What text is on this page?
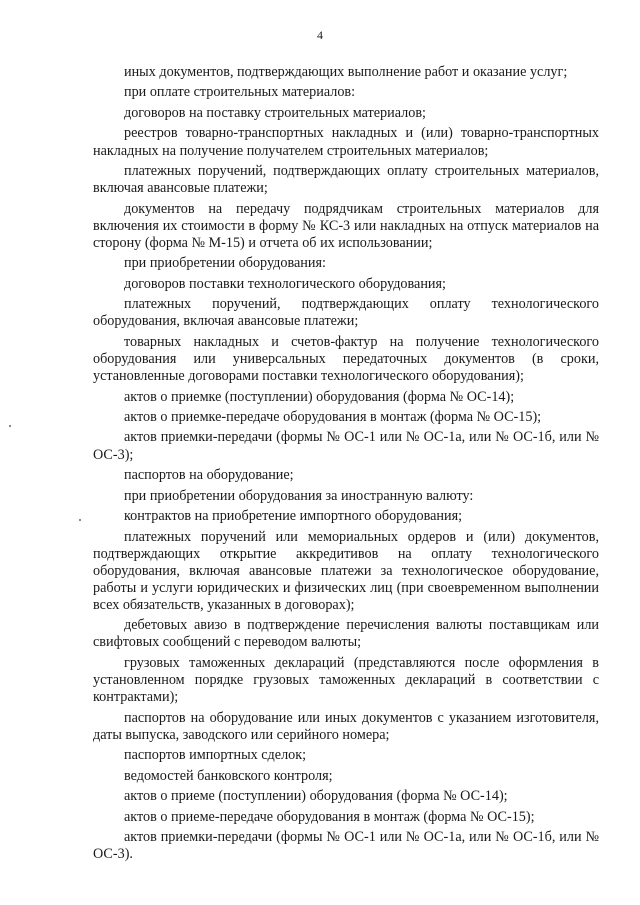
4

иных документов, подтверждающих выполнение работ и оказание услуг;

при оплате строительных материалов:

договоров на поставку строительных материалов;

реестров товарно-транспортных накладных и (или) товарно-транспортных накладных на получение получателем строительных материалов;

платежных поручений, подтверждающих оплату строительных материалов, включая авансовые платежи;

документов на передачу подрядчикам строительных материалов для включения их стоимости в форму № КС-3 или накладных на отпуск материалов на сторону (форма № М-15) и отчета об их использовании;

при приобретении оборудования:

договоров поставки технологического оборудования;

платежных поручений, подтверждающих оплату технологического оборудования, включая авансовые платежи;

товарных накладных и счетов-фактур на получение технологического оборудования или универсальных передаточных документов (в сроки, установленные договорами поставки технологического оборудования);

актов о приемке (поступлении) оборудования (форма № ОС-14);

актов о приемке-передаче оборудования в монтаж (форма № ОС-15);

актов приемки-передачи (формы № ОС-1 или № ОС-1а, или № ОС-1б, или № ОС-3);

паспортов на оборудование;

при приобретении оборудования за иностранную валюту:

контрактов на приобретение импортного оборудования;

платежных поручений или мемориальных ордеров и (или) документов, подтверждающих открытие аккредитивов на оплату технологического оборудования, включая авансовые платежи за технологическое оборудование, работы и услуги юридических и физических лиц (при своевременном выполнении всех обязательств, указанных в договорах);

дебетовых авизо в подтверждение перечисления валюты поставщикам или свифтовых сообщений с переводом валюты;

грузовых таможенных деклараций (представляются после оформления в установленном порядке грузовых таможенных деклараций в соответствии с контрактами);

паспортов на оборудование или иных документов с указанием изготовителя, даты выпуска, заводского или серийного номера;

паспортов импортных сделок;

ведомостей банковского контроля;

актов о приеме (поступлении) оборудования (форма № ОС-14);

актов о приеме-передаче оборудования в монтаж (форма № ОС-15);

актов приемки-передачи (формы № ОС-1 или № ОС-1а, или № ОС-1б, или № ОС-3).
